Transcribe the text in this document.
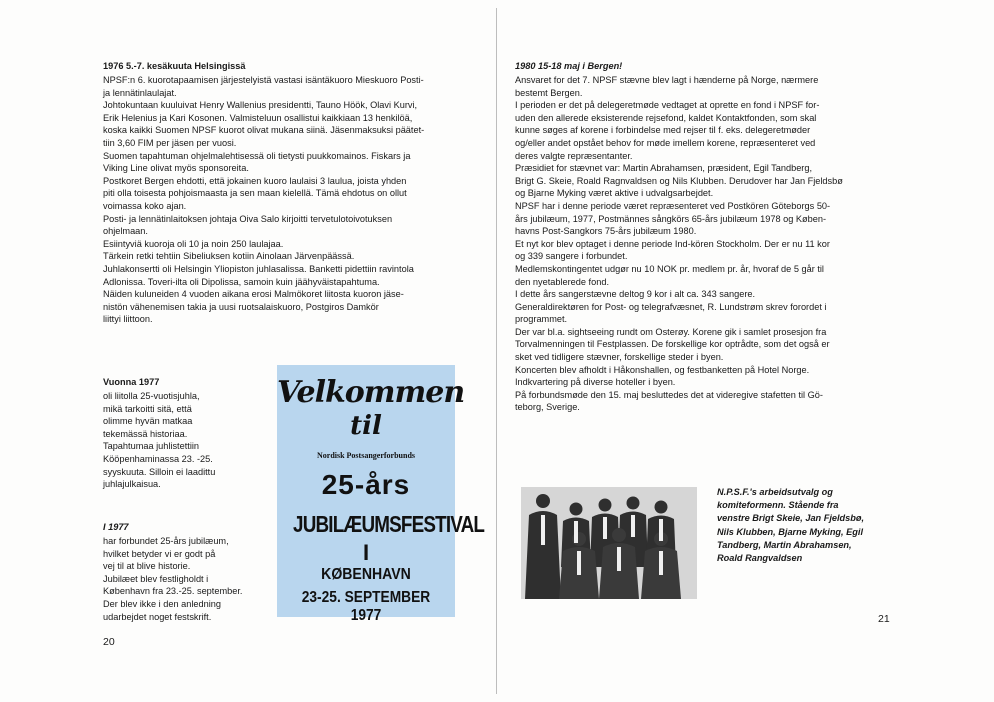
1976 5.-7. kesäkuuta Helsingissä
NPSF:n 6. kuorotapaamisen järjestelyistä vastasi isäntäkuoro Mieskuoro Posti-
ja lennätinlaulajat.
Johtokuntaan kuuluivat Henry Wallenius presidentti, Tauno Höök, Olavi Kurvi,
Erik Helenius ja Kari Kosonen. Valmisteluun osallistui kaikkiaan 13 henkilöä,
koska kaikki Suomen NPSF kuorot olivat mukana siinä. Jäsenmaksuksi päätet-
tiin 3,60 FIM per jäsen per vuosi.
Suomen tapahtuman ohjelmalehtisessä oli tietysti puukkomainos. Fiskars ja
Viking Line olivat myös sponsoreita.
Postkoret Bergen ehdotti, että jokainen kuoro laulaisi 3 laulua, joista yhden
piti olla toisesta pohjoismaasta ja sen maan kielellä. Tämä ehdotus on ollut
voimassa koko ajan.
Posti- ja lennätinlaitoksen johtaja Oiva Salo kirjoitti tervetulotoivotuksen
ohjelmaan.
Esiintyviä kuoroja oli 10 ja noin 250 laulajaa.
Tärkein retki tehtiin Sibeliuksen kotiin Ainolaan Järvenpäässä.
Juhlakonsertti oli Helsingin Yliopiston juhlasalissa. Banketti pidettiin ravintola
Adlonissa. Toveri-ilta oli Dipolissa, samoin kuin jäähyväistapahtuma.
Näiden kuluneiden 4 vuoden aikana erosi Malmökoret liitosta kuoron jäse-
nistön vähenemisen takia ja uusi ruotsalaiskuoro, Postgiros Damkör
liittyi liittoon.
Vuonna 1977
oli liitolla 25-vuotisjuhla,
mikä tarkoitti sitä, että
olimme hyvän matkaa
tekemässä historiaa.
Tapahtumaa juhlistettiin
Kööpenhaminassa 23. -25.
syyskuuta. Silloin ei laadittu
juhlajulkaisua.
I 1977
har forbundet 25-års jubilæum,
hvilket betyder vi er godt på
vej til at blive historie.
Jubilæet blev festligholdt i
København fra 23.-25. september.
Der blev ikke i den anledning
udarbejdet noget festskrift.
20
Velkommen
til
Nordisk Postsangerforbunds
25-års
JUBILÆUMSFESTIVAL
I
KØBENHAVN
23-25. SEPTEMBER 1977
1980 15-18 maj i Bergen!
Ansvaret for det 7. NPSF stævne blev lagt i hænderne på Norge, nærmere
bestemt Bergen.
I perioden er det på delegeretmøde vedtaget at oprette en fond i NPSF for-
uden den allerede eksisterende rejsefond, kaldet Kontaktfonden, som skal
kunne søges af korene i forbindelse med rejser til f. eks. delegeretmøder
og/eller andet opstået behov for møde imellem korene, repræsenteret ved
deres valgte repræsentanter.
Præsidiet for stævnet var: Martin Abrahamsen, præsident, Egil Tandberg,
Brigt G. Skeie, Roald Ragnvaldsen og Nils Klubben. Derudover har Jan Fjeldsbø
og Bjarne Myking været aktive i udvalgsarbejdet.
NPSF har i denne periode været repræsenteret ved Postkören Göteborgs 50-
års jubilæum, 1977, Postmännes sångkörs 65-års jubilæum 1978 og Køben-
havns Post-Sangkors 75-års jubilæum 1980.
Et nyt kor blev optaget i denne periode Ind-kören Stockholm. Der er nu 11 kor
og 339 sangere i forbundet.
Medlemskontingentet udgør nu 10 NOK pr. medlem pr. år, hvoraf de 5 går til
den nyetablerede fond.
I dette års sangerstævne deltog 9 kor i alt ca. 343 sangere.
Generaldirektøren for Post- og telegrafvæsnet, R. Lundstrøm skrev forordet i
programmet.
Der var bl.a. sightseeing rundt om Osterøy. Korene gik i samlet prosesjon fra
Torvalmenningen til Festplassen. De forskellige kor optrådte, som det også er
sket ved tidligere stævner, forskellige steder i byen.
Koncerten blev afholdt i Håkonshallen, og festbanketten på Hotel Norge.
Indkvartering på diverse hoteller i byen.
På forbundsmøde den 15. maj besluttedes det at videregive stafetten til Gö-
teborg, Sverige.
N.P.S.F.'s arbeidsutvalg og
komiteformenn. Stående fra
venstre Brigt Skeie, Jan Fjeldsbø,
Nils Klubben, Bjarne Myking, Egil
Tandberg, Martin Abrahamsen,
Roald Rangvaldsen
21
